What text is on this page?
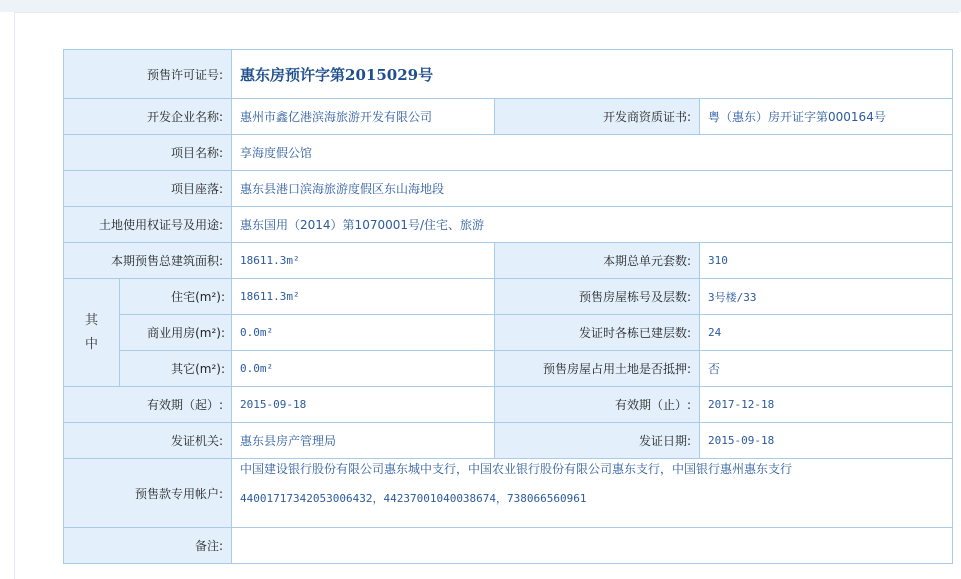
预售许可证号:		惠东房预许字第2015029号		
开发企业名称:		惠州市鑫亿港滨海旅游开发有限公司	开发商资质证书:	粤（惠东）房开证字第000164号
项目名称:		享海度假公馆		
项目座落:		惠东县港口滨海旅游度假区东山海地段		
土地使用权证号及用途:		惠东国用（2014）第1070001号/住宅、旅游		
本期预售总建筑面积:		18611.3m²	本期总单元套数:	310
其 中	住宅(m²):	18611.3m²	预售房屋栋号及层数:	3号楼/33
	商业用房(m²):	0.0m²	发证时各栋已建层数:	24
	其它(m²):	0.0m²	预售房屋占用土地是否抵押:	否
有效期（起）:		2015-09-18	有效期（止）:	2017-12-18
发证机关:		惠东县房产管理局	发证日期:	2015-09-18
预售款专用帐户:		中国建设银行股份有限公司惠东城中支行，中国农业银行股份有限公司惠东支行，中国银行惠州惠东支行
44001717342053006432，44237001040038674，738066560961		

备注:				
